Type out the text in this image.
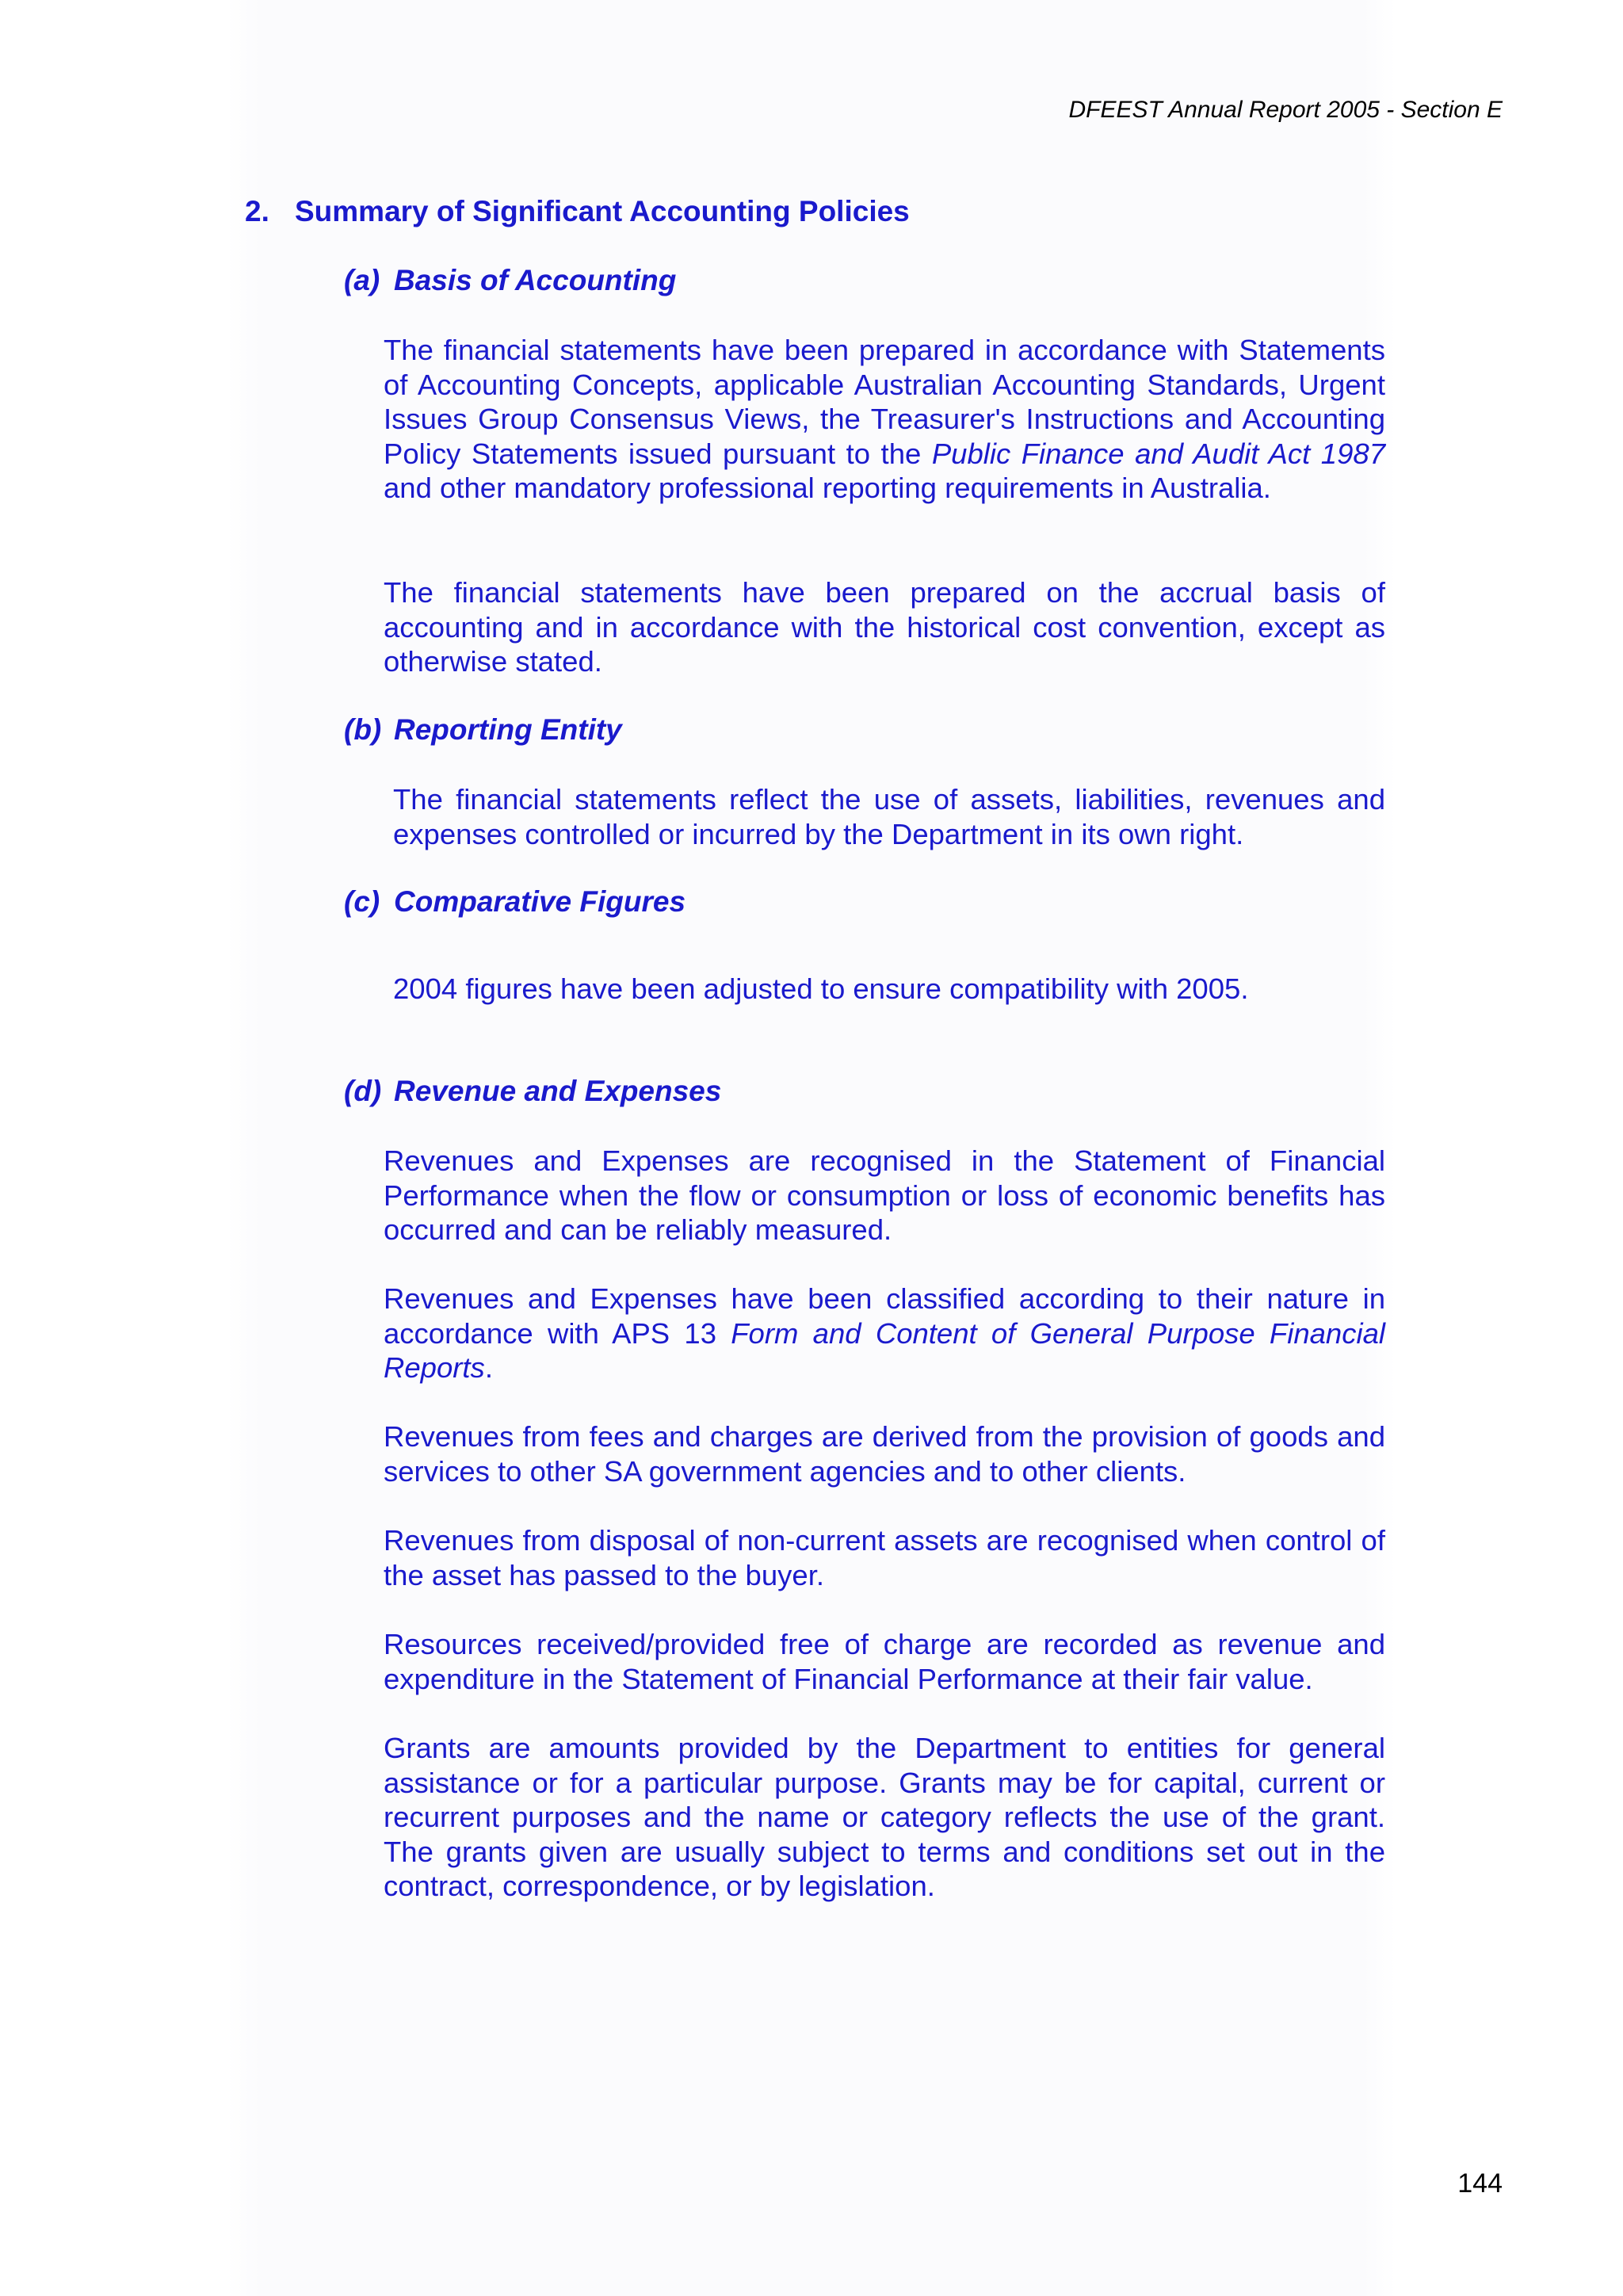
DFEEST Annual Report 2005 - Section E
2. Summary of Significant Accounting Policies
(a) Basis of Accounting

The financial statements have been prepared in accordance with Statements of Accounting Concepts, applicable Australian Accounting Standards, Urgent Issues Group Consensus Views, the Treasurer's Instructions and Accounting Policy Statements issued pursuant to the Public Finance and Audit Act 1987 and other mandatory professional reporting requirements in Australia.

The financial statements have been prepared on the accrual basis of accounting and in accordance with the historical cost convention, except as otherwise stated.

(b) Reporting Entity

The financial statements reflect the use of assets, liabilities, revenues and expenses controlled or incurred by the Department in its own right.

(c) Comparative Figures

2004 figures have been adjusted to ensure compatibility with 2005.

(d) Revenue and Expenses

Revenues and Expenses are recognised in the Statement of Financial Performance when the flow or consumption or loss of economic benefits has occurred and can be reliably measured.

Revenues and Expenses have been classified according to their nature in accordance with APS 13 Form and Content of General Purpose Financial Reports.

Revenues from fees and charges are derived from the provision of goods and services to other SA government agencies and to other clients.

Revenues from disposal of non-current assets are recognised when control of the asset has passed to the buyer.

Resources received/provided free of charge are recorded as revenue and expenditure in the Statement of Financial Performance at their fair value.

Grants are amounts provided by the Department to entities for general assistance or for a particular purpose. Grants may be for capital, current or recurrent purposes and the name or category reflects the use of the grant. The grants given are usually subject to terms and conditions set out in the contract, correspondence, or by legislation.

144
